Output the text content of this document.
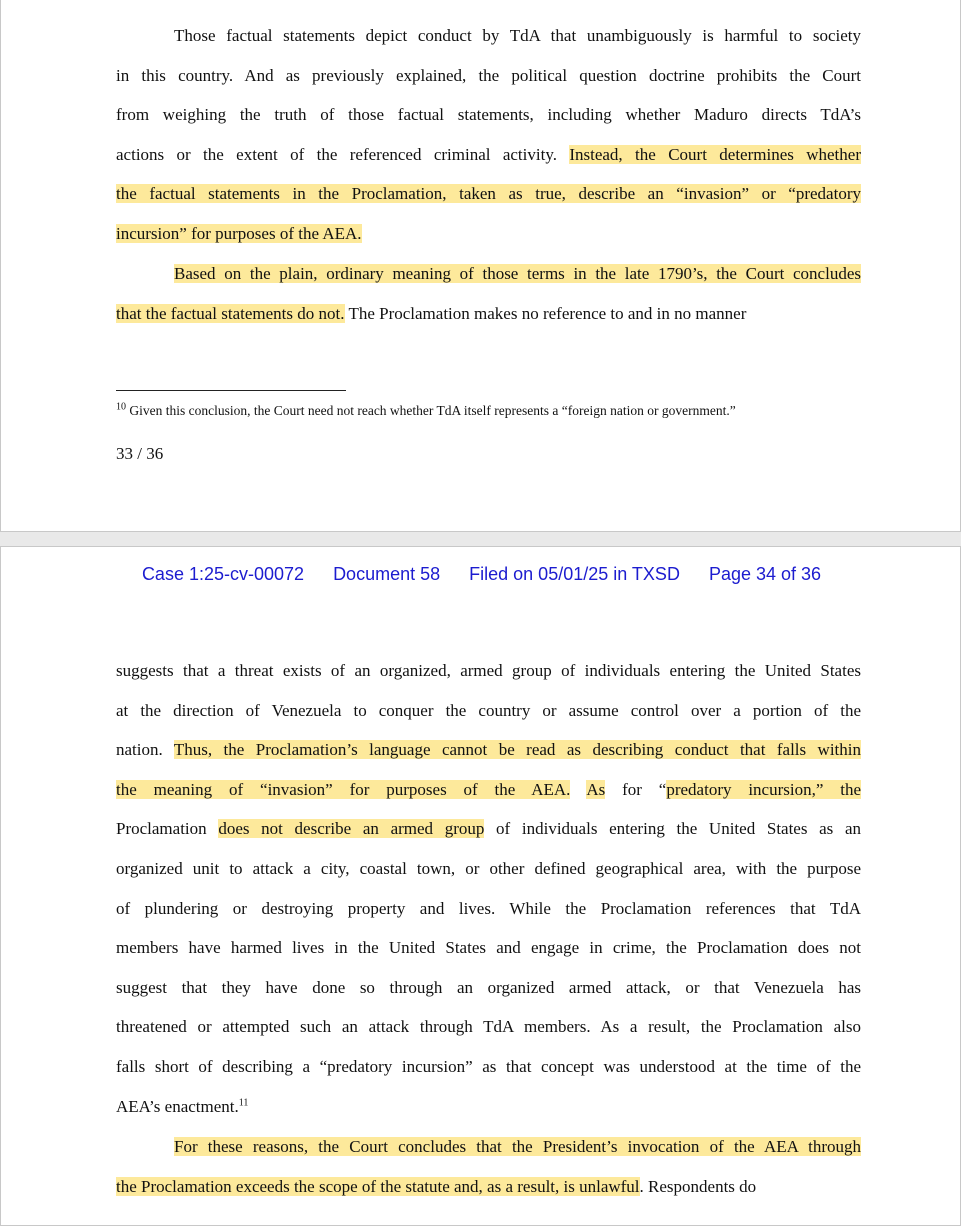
Those factual statements depict conduct by TdA that unambiguously is harmful to society
in this country. And as previously explained, the political question doctrine prohibits the Court
from weighing the truth of those factual statements, including whether Maduro directs TdA’s
actions or the extent of the referenced criminal activity. Instead, the Court determines whether
the factual statements in the Proclamation, taken as true, describe an “invasion” or “predatory
incursion” for purposes of the AEA.
Based on the plain, ordinary meaning of those terms in the late 1790’s, the Court concludes
that the factual statements do not. The Proclamation makes no reference to and in no manner
$^{10}$ Given this conclusion, the Court need not reach whether TdA itself represents a “foreign nation or government.”
33 / 36
Case 1:25-cv-00072 Document 58 Filed on 05/01/25 in TXSD Page 34 of 36
suggests that a threat exists of an organized, armed group of individuals entering the United States
at the direction of Venezuela to conquer the country or assume control over a portion of the
nation. Thus, the Proclamation’s language cannot be read as describing conduct that falls within
the meaning of “invasion” for purposes of the AEA. As for “predatory incursion,” the
Proclamation does not describe an armed group of individuals entering the United States as an
organized unit to attack a city, coastal town, or other defined geographical area, with the purpose
of plundering or destroying property and lives. While the Proclamation references that TdA
members have harmed lives in the United States and engage in crime, the Proclamation does not
suggest that they have done so through an organized armed attack, or that Venezuela has
threatened or attempted such an attack through TdA members. As a result, the Proclamation also
falls short of describing a “predatory incursion” as that concept was understood at the time of the
AEA’s enactment.$^{11}$
For these reasons, the Court concludes that the President’s invocation of the AEA through
the Proclamation exceeds the scope of the statute and, as a result, is unlawful. Respondents do
